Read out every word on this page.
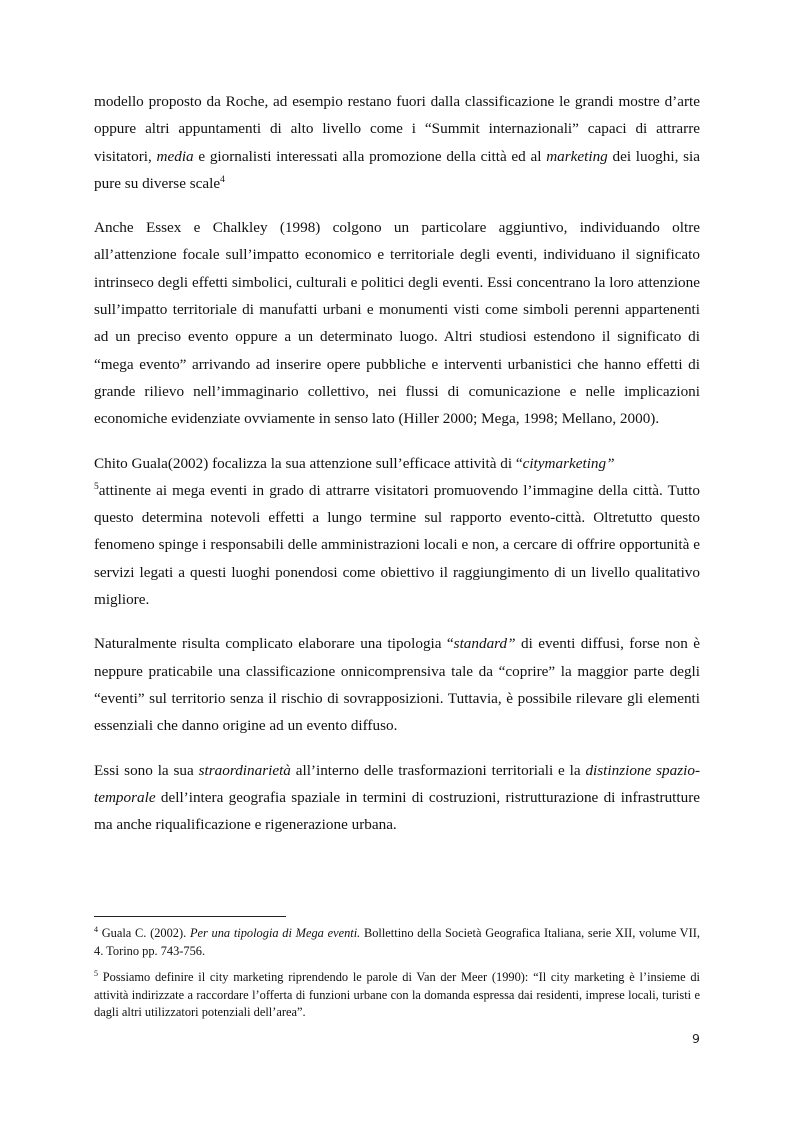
modello proposto da Roche, ad esempio restano fuori dalla classificazione le grandi mostre d’arte oppure altri appuntamenti di alto livello come i “Summit internazionali” capaci di attrarre visitatori, media e giornalisti interessati alla promozione della città ed al marketing dei luoghi, sia pure su diverse scale$^4$

Anche Essex e Chalkley (1998) colgono un particolare aggiuntivo, individuando oltre all’attenzione focale sull’impatto economico e territoriale degli eventi, individuano il significato intrinseco degli effetti simbolici, culturali e politici degli eventi. Essi concentrano la loro attenzione sull’impatto territoriale di manufatti urbani e monumenti visti come simboli perenni appartenenti ad un preciso evento oppure a un determinato luogo. Altri studiosi estendono il significato di “mega evento” arrivando ad inserire opere pubbliche e interventi urbanistici che hanno effetti di grande rilievo nell’immaginario collettivo, nei flussi di comunicazione e nelle implicazioni economiche evidenziate ovviamente in senso lato (Hiller 2000; Mega, 1998; Mellano, 2000).

Chito Guala(2002) focalizza la sua attenzione sull’efficace attività di “citymarketing”
$^5$attinente ai mega eventi in grado di attrarre visitatori promuovendo l’immagine della città. Tutto questo determina notevoli effetti a lungo termine sul rapporto evento-città. Oltretutto questo fenomeno spinge i responsabili delle amministrazioni locali e non, a cercare di offrire opportunità e servizi legati a questi luoghi ponendosi come obiettivo il raggiungimento di un livello qualitativo migliore.

Naturalmente risulta complicato elaborare una tipologia “standard” di eventi diffusi, forse non è neppure praticabile una classificazione onnicomprensiva tale da “coprire” la maggior parte degli “eventi” sul territorio senza il rischio di sovrapposizioni. Tuttavia, è possibile rilevare gli elementi essenziali che danno origine ad un evento diffuso.

Essi sono la sua straordinarietà all’interno delle trasformazioni territoriali e la distinzione spazio-temporale dell’intera geografia spaziale in termini di costruzioni, ristrutturazione di infrastrutture ma anche riqualificazione e rigenerazione urbana.

$^4$ Guala C. (2002). Per una tipologia di Mega eventi. Bollettino della Società Geografica Italiana, serie XII, volume VII, 4. Torino pp. 743-756.

$^5$ Possiamo definire il city marketing riprendendo le parole di Van der Meer (1990): “Il city marketing è l’insieme di attività indirizzate a raccordare l’offerta di funzioni urbane con la domanda espressa dai residenti, imprese locali, turisti e dagli altri utilizzatori potenziali dell’area”.

9
